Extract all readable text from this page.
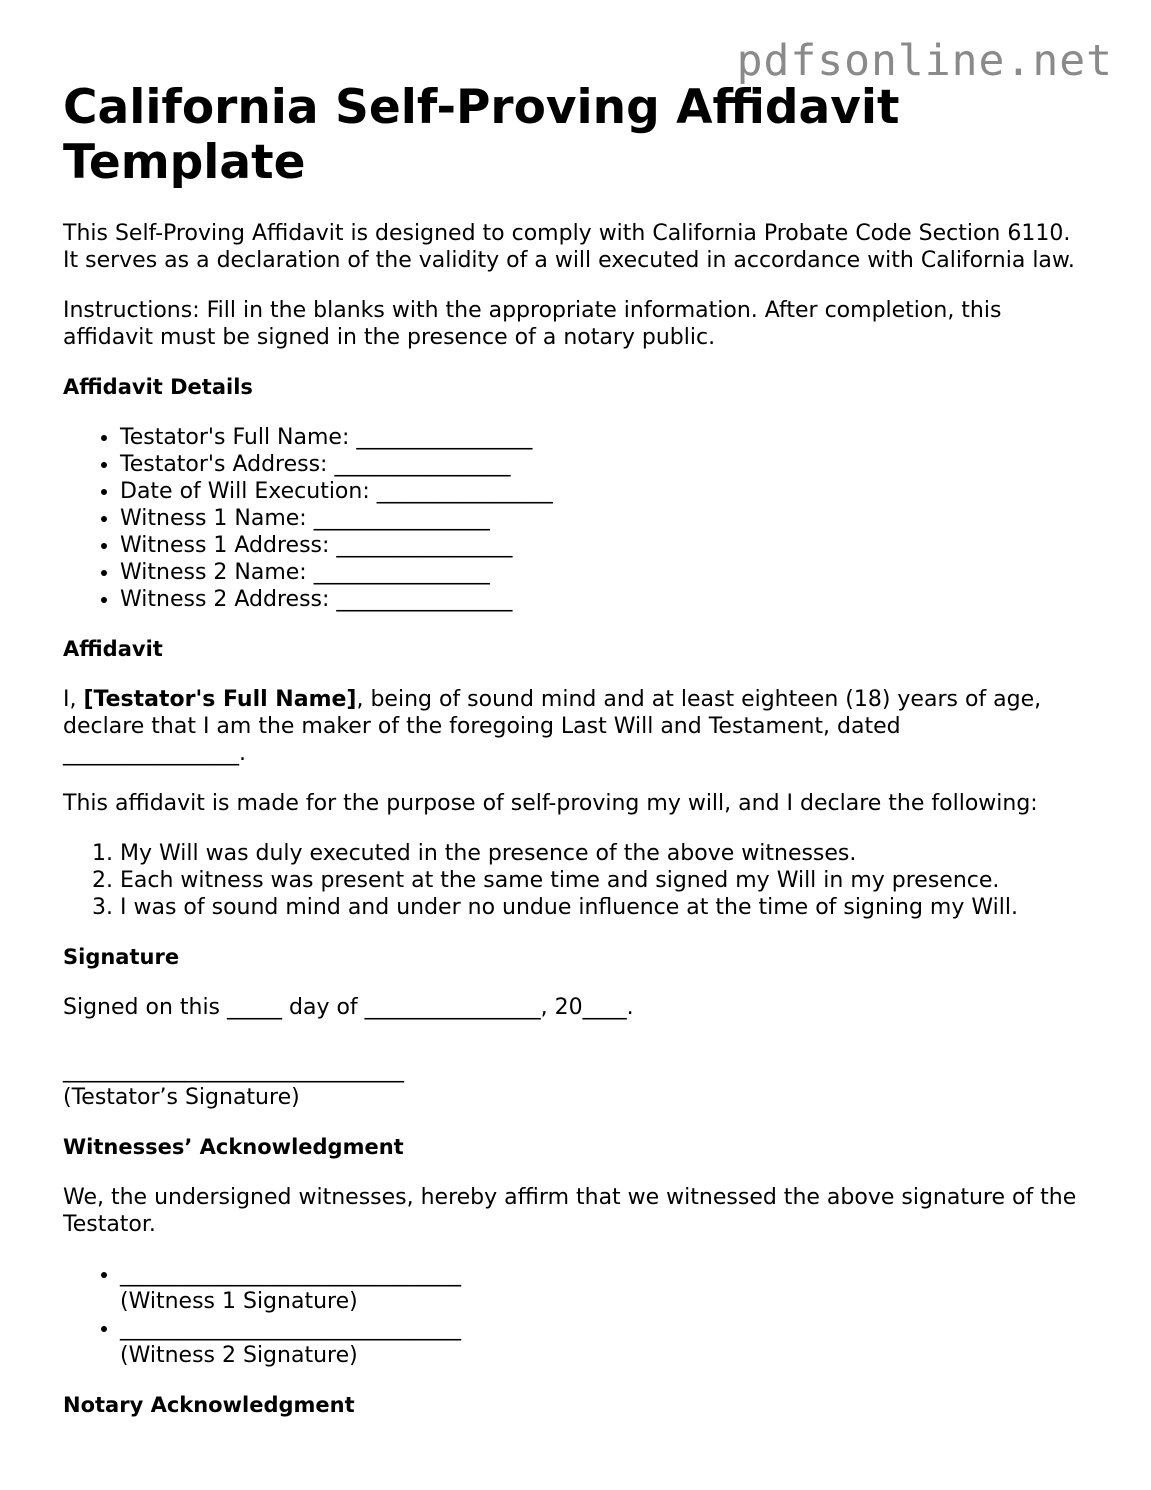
pdfsonline.net
California Self-Proving Affidavit Template

This Self-Proving Affidavit is designed to comply with California Probate Code Section 6110. It serves as a declaration of the validity of a will executed in accordance with California law.

Instructions: Fill in the blanks with the appropriate information. After completion, this affidavit must be signed in the presence of a notary public.

Affidavit Details
• Testator's Full Name: ________________
• Testator's Address: ________________
• Date of Will Execution: ________________
• Witness 1 Name: ________________
• Witness 1 Address: ________________
• Witness 2 Name: ________________
• Witness 2 Address: ________________
Affidavit

I, [Testator's Full Name], being of sound mind and at least eighteen (18) years of age, declare that I am the maker of the foregoing Last Will and Testament, dated ________________.

This affidavit is made for the purpose of self-proving my will, and I declare the following:

1. My Will was duly executed in the presence of the above witnesses.
2. Each witness was present at the same time and signed my Will in my presence.
3. I was of sound mind and under no undue influence at the time of signing my Will.
Signature

Signed on this _____ day of ________________, 20____.

_______________________________

(Testator’s Signature)

Witnesses’ Acknowledgment

We, the undersigned witnesses, hereby affirm that we witnessed the above signature of the Testator.

• _______________________________
(Witness 1 Signature)
• _______________________________
(Witness 2 Signature)
Notary Acknowledgment
